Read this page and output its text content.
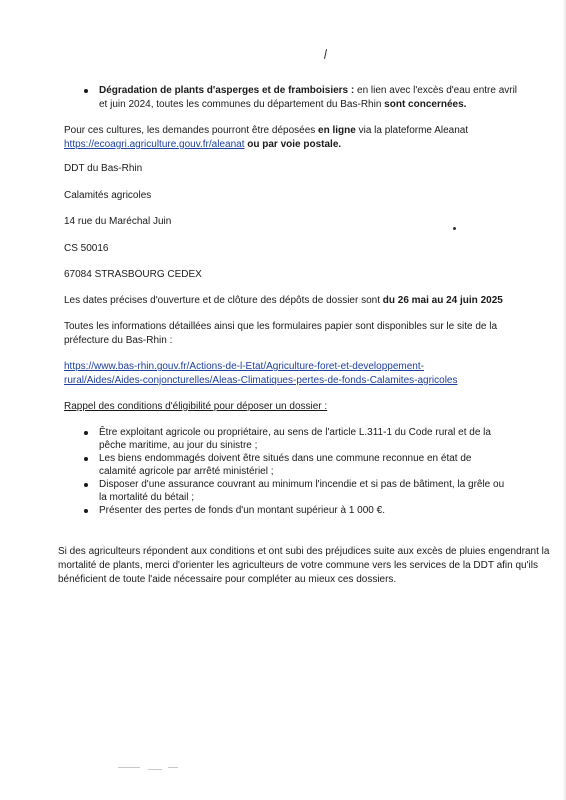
Dégradation de plants d'asperges et de framboisiers : en lien avec l'excès d'eau entre avril
et juin 2024, toutes les communes du département du Bas-Rhin sont concernées.
Pour ces cultures, les demandes pourront être déposées en ligne via la plateforme Aleanat
https://ecoagri.agriculture.gouv.fr/aleanat ou par voie postale.
DDT du Bas-Rhin
Calamités agricoles
14 rue du Maréchal Juin
CS 50016
67084 STRASBOURG CEDEX
Les dates précises d'ouverture et de clôture des dépôts de dossier sont du 26 mai au 24 juin 2025
Toutes les informations détaillées ainsi que les formulaires papier sont disponibles sur le site de la
préfecture du Bas-Rhin :
https://www.bas-rhin.gouv.fr/Actions-de-l-Etat/Agriculture-foret-et-developpement-
rural/Aides/Aides-conjoncturelles/Aleas-Climatiques-pertes-de-fonds-Calamites-agricoles
Rappel des conditions d'éligibilité pour déposer un dossier :
Être exploitant agricole ou propriétaire, au sens de l'article L.311-1 du Code rural et de la
pêche maritime, au jour du sinistre ;
Les biens endommagés doivent être situés dans une commune reconnue en état de
calamité agricole par arrêté ministériel ;
Disposer d'une assurance couvrant au minimum l'incendie et si pas de bâtiment, la grêle ou
la mortalité du bétail ;
Présenter des pertes de fonds d'un montant supérieur à 1 000 €.
Si des agriculteurs répondent aux conditions et ont subi des préjudices suite aux excès de pluies engendrant la
mortalité de plants, merci d'orienter les agriculteurs de votre commune vers les services de la DDT afin qu'ils
bénéficient de toute l'aide nécessaire pour compléter au mieux ces dossiers.
